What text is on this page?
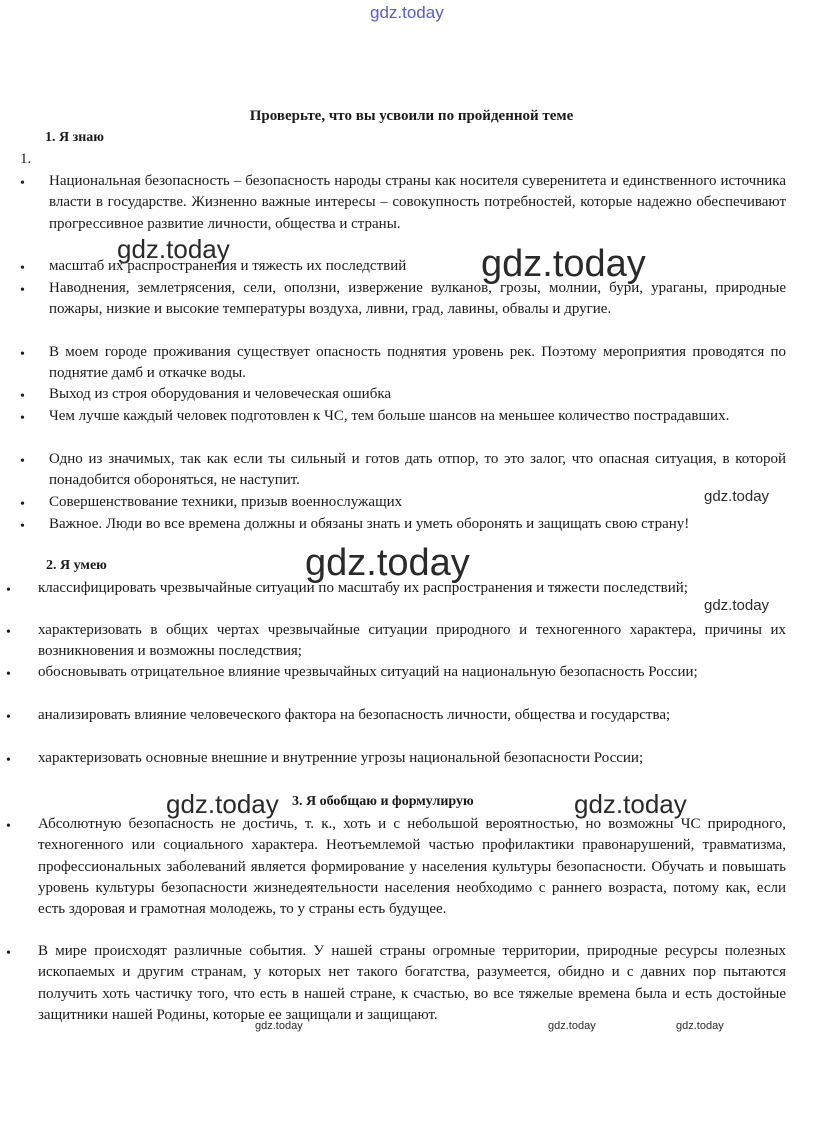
gdz.today
gdz.today	gdz.today
gdz.today
gdz.today
gdz.today
gdz.today	gdz.today
gdz.today	gdz.today	gdz.today
Проверьте, что вы усвоили по пройденной теме
1. Я знаю
1.
• Национальная безопасность – безопасность народы страны как носителя суверенитета и единственного источника власти в государстве. Жизненно важные интересы – совокупность потребностей, которые надежно обеспечивают прогрессивное развитие личности, общества и страны.
• масштаб их распространения и тяжесть их последствий
• Наводнения, землетрясения, сели, оползни, извержение вулканов, грозы, молнии, бури, ураганы, природные пожары, низкие и высокие температуры воздуха, ливни, град, лавины, обвалы и другие.
• В моем городе проживания существует опасность поднятия уровень рек. Поэтому мероприятия проводятся по поднятие дамб и откачке воды.
• Выход из строя оборудования и человеческая ошибка
• Чем лучше каждый человек подготовлен к ЧС, тем больше шансов на меньшее количество пострадавших.
• Одно из значимых, так как если ты сильный и готов дать отпор, то это залог, что опасная ситуация, в которой понадобится обороняться, не наступит.
• Совершенствование техники, призыв военнослужащих
• Важное. Люди во все времена должны и обязаны знать и уметь оборонять и защищать свою страну!
2. Я умею
• классифицировать чрезвычайные ситуации по масштабу их распространения и тяжести последствий;
• характеризовать в общих чертах чрезвычайные ситуации природного и техногенного характера, причины их возникновения и возможны последствия;
• обосновывать отрицательное влияние чрезвычайных ситуаций на национальную безопасность России;
• анализировать влияние человеческого фактора на безопасность личности, общества и государства;
• характеризовать основные внешние и внутренние угрозы национальной безопасности России;
3. Я обобщаю и формулирую
• Абсолютную безопасность не достичь, т. к., хоть и с небольшой вероятностью, но возможны ЧС природного, техногенного или социального характера. Неотъемлемой частью профилактики правонарушений, травматизма, профессиональных заболеваний является формирование у населения культуры безопасности. Обучать и повышать уровень культуры безопасности жизнедеятельности населения необходимо с раннего возраста, потому как, если есть здоровая и грамотная молодежь, то у страны есть будущее.
• В мире происходят различные события. У нашей страны огромные территории, природные ресурсы полезных ископаемых и другим странам, у которых нет такого богатства, разумеется, обидно и с давних пор пытаются получить хоть частичку того, что есть в нашей стране, к счастью, во все тяжелые времена была и есть достойные защитники нашей Родины, которые ее защищали и защищают.
